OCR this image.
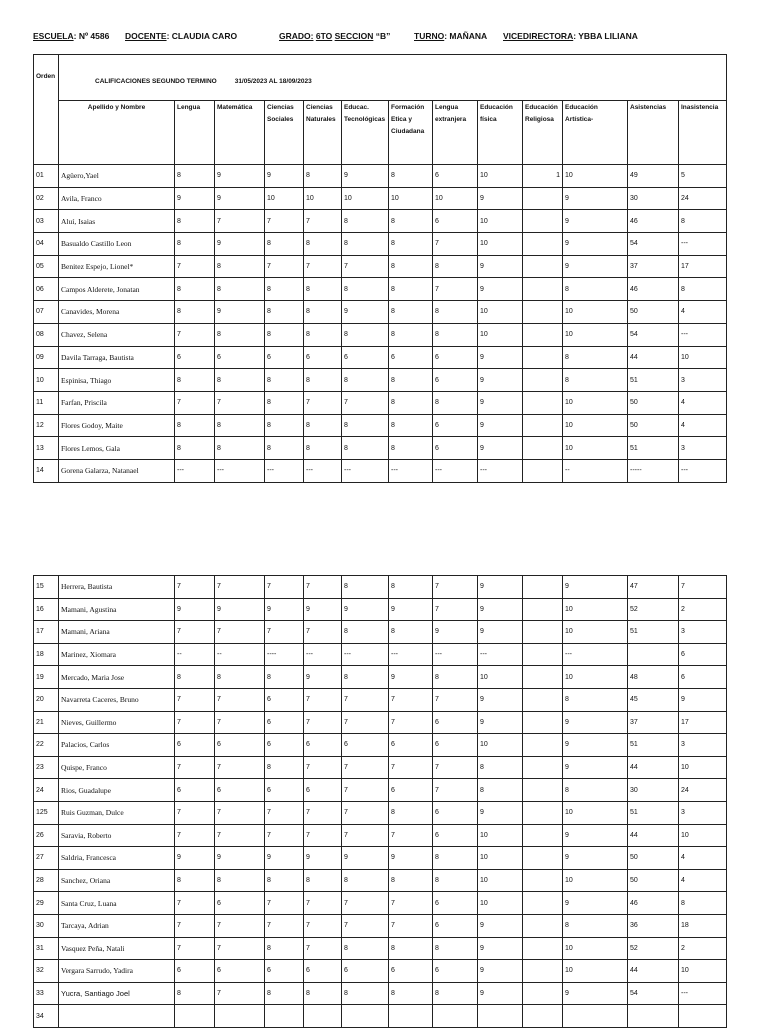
ESCUELA: Nº 4586 DOCENTE: CLAUDIA CARO	GRADO: 6TO SECCION “B”	TURNO: MAÑANA VICEDIRECTORA: YBBA LILIANA
Orden	CALIFICACIONES SEGUNDO TERMINO 31/05/2023 AL 18/09/2023												
	Apellido y Nombre	Lengua	Matemática	Ciencias Sociales	Ciencias Naturales	Educac. Tecnológicas	Formación Etica y Ciudadana	Lengua extranjera	Educación física	Educación Religiosa	Educación Artística-	Asistencias	Inasistencia
01	Agüero,Yael	8	9	9	8	9	8	6	10	1	10	49	5
02	Avila, Franco	9	9	10	10	10	10	10	9		9	30	24
03	Aluí, Isaias	8	7	7	7	8	8	6	10		9	46	8
04	Basualdo Castillo Leon	8	9	8	8	8	8	7	10		9	54	---
05	Benitez Espejo, Lionel*	7	8	7	7	7	8	8	9		9	37	17
06	Campos Alderete, Jonatan	8	8	8	8	8	8	7	9		8	46	8
07	Canavides, Morena	8	9	8	8	9	8	8	10		10	50	4
08	Chavez, Selena	7	8	8	8	8	8	8	10		10	54	---
09	Davila Tarraga, Bautista	6	6	6	6	6	6	6	9		8	44	10
10	Espinisa, Thiago	8	8	8	8	8	8	6	9		8	51	3
11	Farfan, Priscila	7	7	8	7	7	8	8	9		10	50	4
12	Flores Godoy, Maite	8	8	8	8	8	8	6	9		10	50	4
13	Flores Lemos, Gala	8	8	8	8	8	8	6	9		10	51	3
14	Gorena Galarza, Natanael	---	---	---	---	---	---	---	---		--	-----	---
15	Herrera, Bautista	7	7	7	7	8	8	7	9		9	47	7
16	Mamani, Agustina	9	9	9	9	9	9	7	9		10	52	2
17	Mamani, Ariana	7	7	7	7	8	8	9	9		10	51	3
18	Marinez, Xiomara	--	--	----	---	---	---	---	---		---		6
19	Mercado, Maria Jose	8	8	8	9	8	9	8	10		10	48	6
20	Navarreta Caceres, Bruno	7	7	6	7	7	7	7	9		8	45	9
21	Nieves, Guillermo	7	7	6	7	7	7	6	9		9	37	17
22	Palacios, Carlos	6	6	6	6	6	6	6	10		9	51	3
23	Quispe, Franco	7	7	8	7	7	7	7	8		9	44	10
24	Rios, Guadalupe	6	6	6	6	7	6	7	8		8	30	24
125	Ruis Guzman, Dulce	7	7	7	7	7	8	6	9		10	51	3
26	Saravia, Roberto	7	7	7	7	7	7	6	10		9	44	10
27	Saldria, Francesca	9	9	9	9	9	9	8	10		9	50	4
28	Sanchez, Oriana	8	8	8	8	8	8	8	10		10	50	4
29	Santa Cruz, Luana	7	6	7	7	7	7	6	10		9	46	8
30	Tarcaya, Adrian	7	7	7	7	7	7	6	9		8	36	18
31	Vasquez Peña, Natali	7	7	8	7	8	8	8	9		10	52	2
32	Vergara Sarrudo, Yadira	6	6	6	6	6	6	6	9		10	44	10
33	Yucra, Santiago Joel	8	7	8	8	8	8	8	9		9	54	---
34													
